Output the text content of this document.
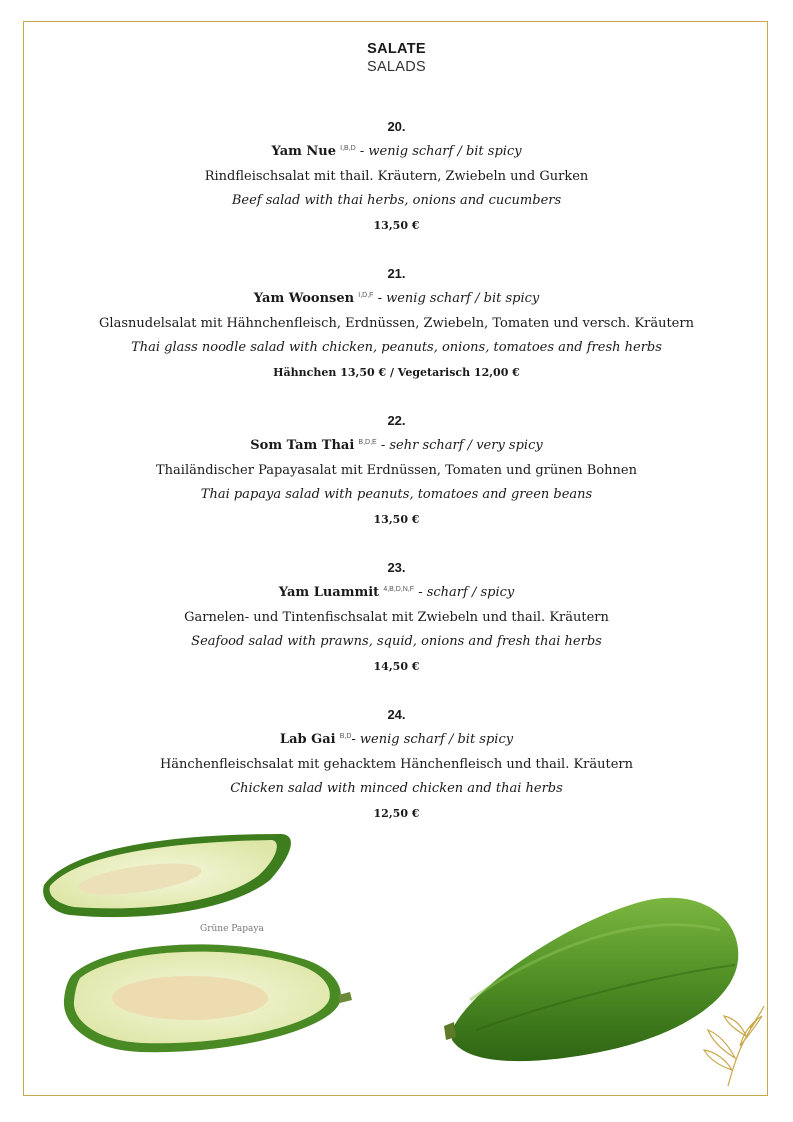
SALATE
SALADS
20.
Yam Nue $^{I,B,D}$ - wenig scharf / bit spicy
Rindfleischsalat mit thail. Kräutern, Zwiebeln und Gurken
Beef salad with thai herbs, onions and cucumbers
13,50 €
21.
Yam Woonsen $^{I,D,F}$ - wenig scharf / bit spicy
Glasnudelsalat mit Hähnchenfleisch, Erdnüssen, Zwiebeln, Tomaten und versch. Kräutern
Thai glass noodle salad with chicken, peanuts, onions, tomatoes and fresh herbs
Hähnchen 13,50 € / Vegetarisch 12,00 €
22.
Som Tam Thai $^{B,D,E}$ - sehr scharf / very spicy
Thailändischer Papayasalat mit Erdnüssen, Tomaten und grünen Bohnen
Thai papaya salad with peanuts, tomatoes and green beans
13,50 €
23.
Yam Luammit $^{4,B,D,N,F}$ - scharf / spicy
Garnelen- und Tintenfischsalat mit Zwiebeln und thail. Kräutern
Seafood salad with prawns, squid, onions and fresh thai herbs
14,50 €
24.
Lab Gai $^{B,D}$- wenig scharf / bit spicy
Hänchenfleischsalat mit gehacktem Hänchenfleisch und thail. Kräutern
Chicken salad with minced chicken and thai herbs
12,50 €
Grüne Papaya
